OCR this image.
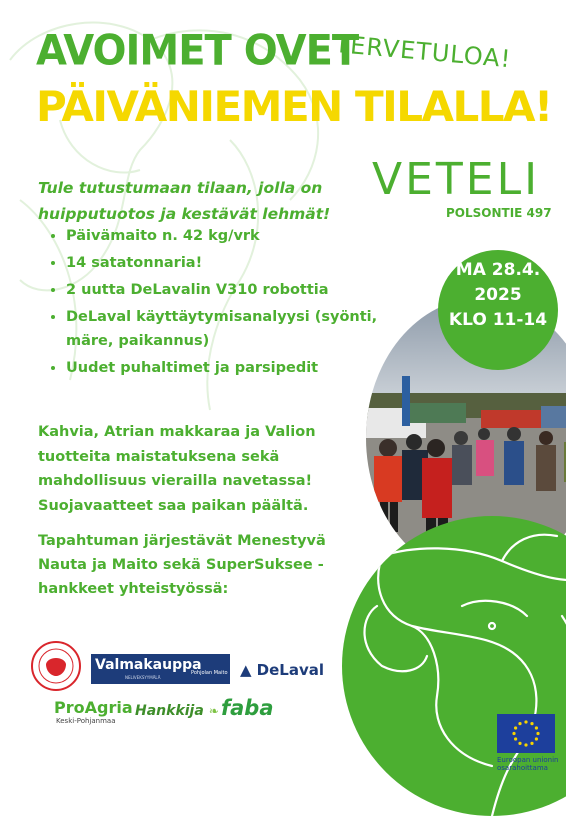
AVOIMET OVET
TERVETULOA!
PÄIVÄNIEMEN TILALLA!
VETELI
POLSONTIE 497
Tule tutustumaan tilaan, jolla on huipputuotos ja kestävät lehmät!
• Päivämaito n. 42 kg/vrk
• 14 satatonnaria!
• 2 uutta DeLavalin V310 robottia
• DeLaval käyttäytymisanalyysi (syönti, märe, paikannus)
• Uudet puhaltimet ja parsipedit
MA 28.4.
2025
KLO 11-14
Kahvia, Atrian makkaraa ja Valion tuotteita maistatuksena sekä mahdollisuus vierailla navetassa! Suojavaatteet saa paikan päältä.
Tapahtuman järjestävät Menestyvä Nauta ja Maito sekä SuperSuksee -hankkeet yhteistyössä:
Valmakauppa
NELIVEKSYYMÄLÄ
Pohjolan Maito ▲ DeLaval
ProAgria
Keski-Pohjanmaa
Hankkija ❧ faba
Euroopan unionin osarahoittama
